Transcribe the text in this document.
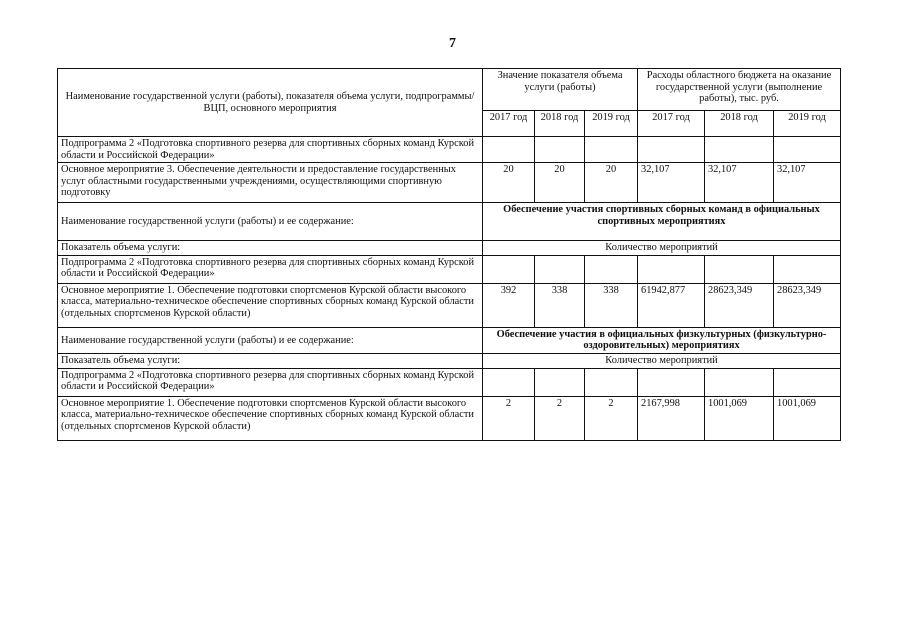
7
Наименование государственной услуги (работы), показателя объема услуги, подпрограммы/ВЦП, основного мероприятия	Значение показателя объема услуги (работы)			Расходы областного бюджета на оказание государственной услуги (выполнение работы), тыс. руб.		
	2017 год	2018 год	2019 год	2017 год	2018 год	2019 год
Подпрограмма 2 «Подготовка спортивного резерва для спортивных сборных команд Курской области и Российской Федерации»						
Основное мероприятие 3. Обеспечение деятельности и предоставление государственных услуг областными государственными учреждениями, осуществляющими спортивную подготовку	20	20	20	32,107	32,107	32,107
Наименование государственной услуги (работы) и ее содержание:	Обеспечение участия спортивных сборных команд в официальных спортивных мероприятиях					
Показатель объема услуги:	Количество мероприятий					
Подпрограмма 2 «Подготовка спортивного резерва для спортивных сборных команд Курской области и Российской Федерации»						
Основное мероприятие 1. Обеспечение подготовки спортсменов Курской области высокого класса, материально-техническое обеспечение спортивных сборных команд Курской области (отдельных спортсменов Курской области)	392	338	338	61942,877	28623,349	28623,349
Наименование государственной услуги (работы) и ее содержание:	Обеспечение участия в официальных физкультурных (физкультурно-оздоровительных) мероприятиях					
Показатель объема услуги:	Количество мероприятий					
Подпрограмма 2 «Подготовка спортивного резерва для спортивных сборных команд Курской области и Российской Федерации»						
Основное мероприятие 1. Обеспечение подготовки спортсменов Курской области высокого класса, материально-техническое обеспечение спортивных сборных команд Курской области (отдельных спортсменов Курской области)	2	2	2	2167,998	1001,069	1001,069
